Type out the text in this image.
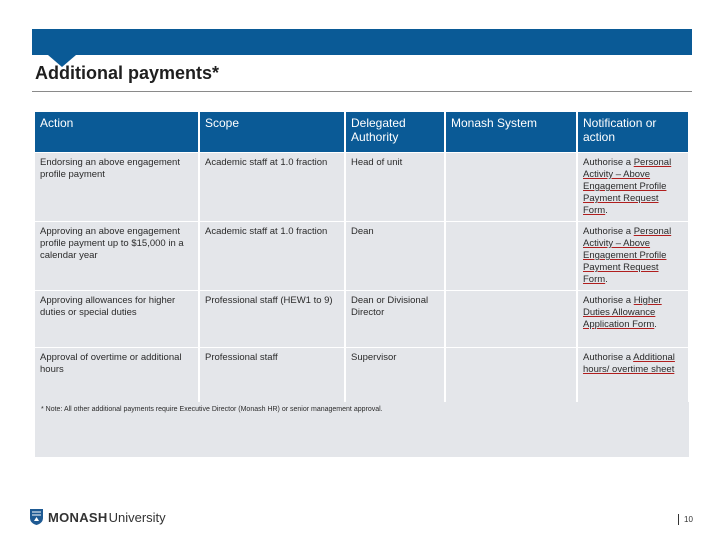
Additional payments*
Action	Scope	Delegated Authority	Monash System	Notification or action
Endorsing an above engagement profile payment	Academic staff at 1.0 fraction	Head of unit		Authorise a Personal Activity – Above Engagement Profile Payment Request Form.
Approving an above engagement profile payment up to $15,000 in a calendar year	Academic staff at 1.0 fraction	Dean		Authorise a Personal Activity – Above Engagement Profile Payment Request Form.
Approving allowances for higher duties or special duties	Professional staff (HEW1 to 9)	Dean or Divisional Director		Authorise a Higher Duties Allowance Application Form.
Approval of overtime or additional hours	Professional staff	Supervisor		Authorise a Additional hours/ overtime sheet
* Note: All other additional payments require Executive Director (Monash HR) or senior management approval.
MONASH University	10
